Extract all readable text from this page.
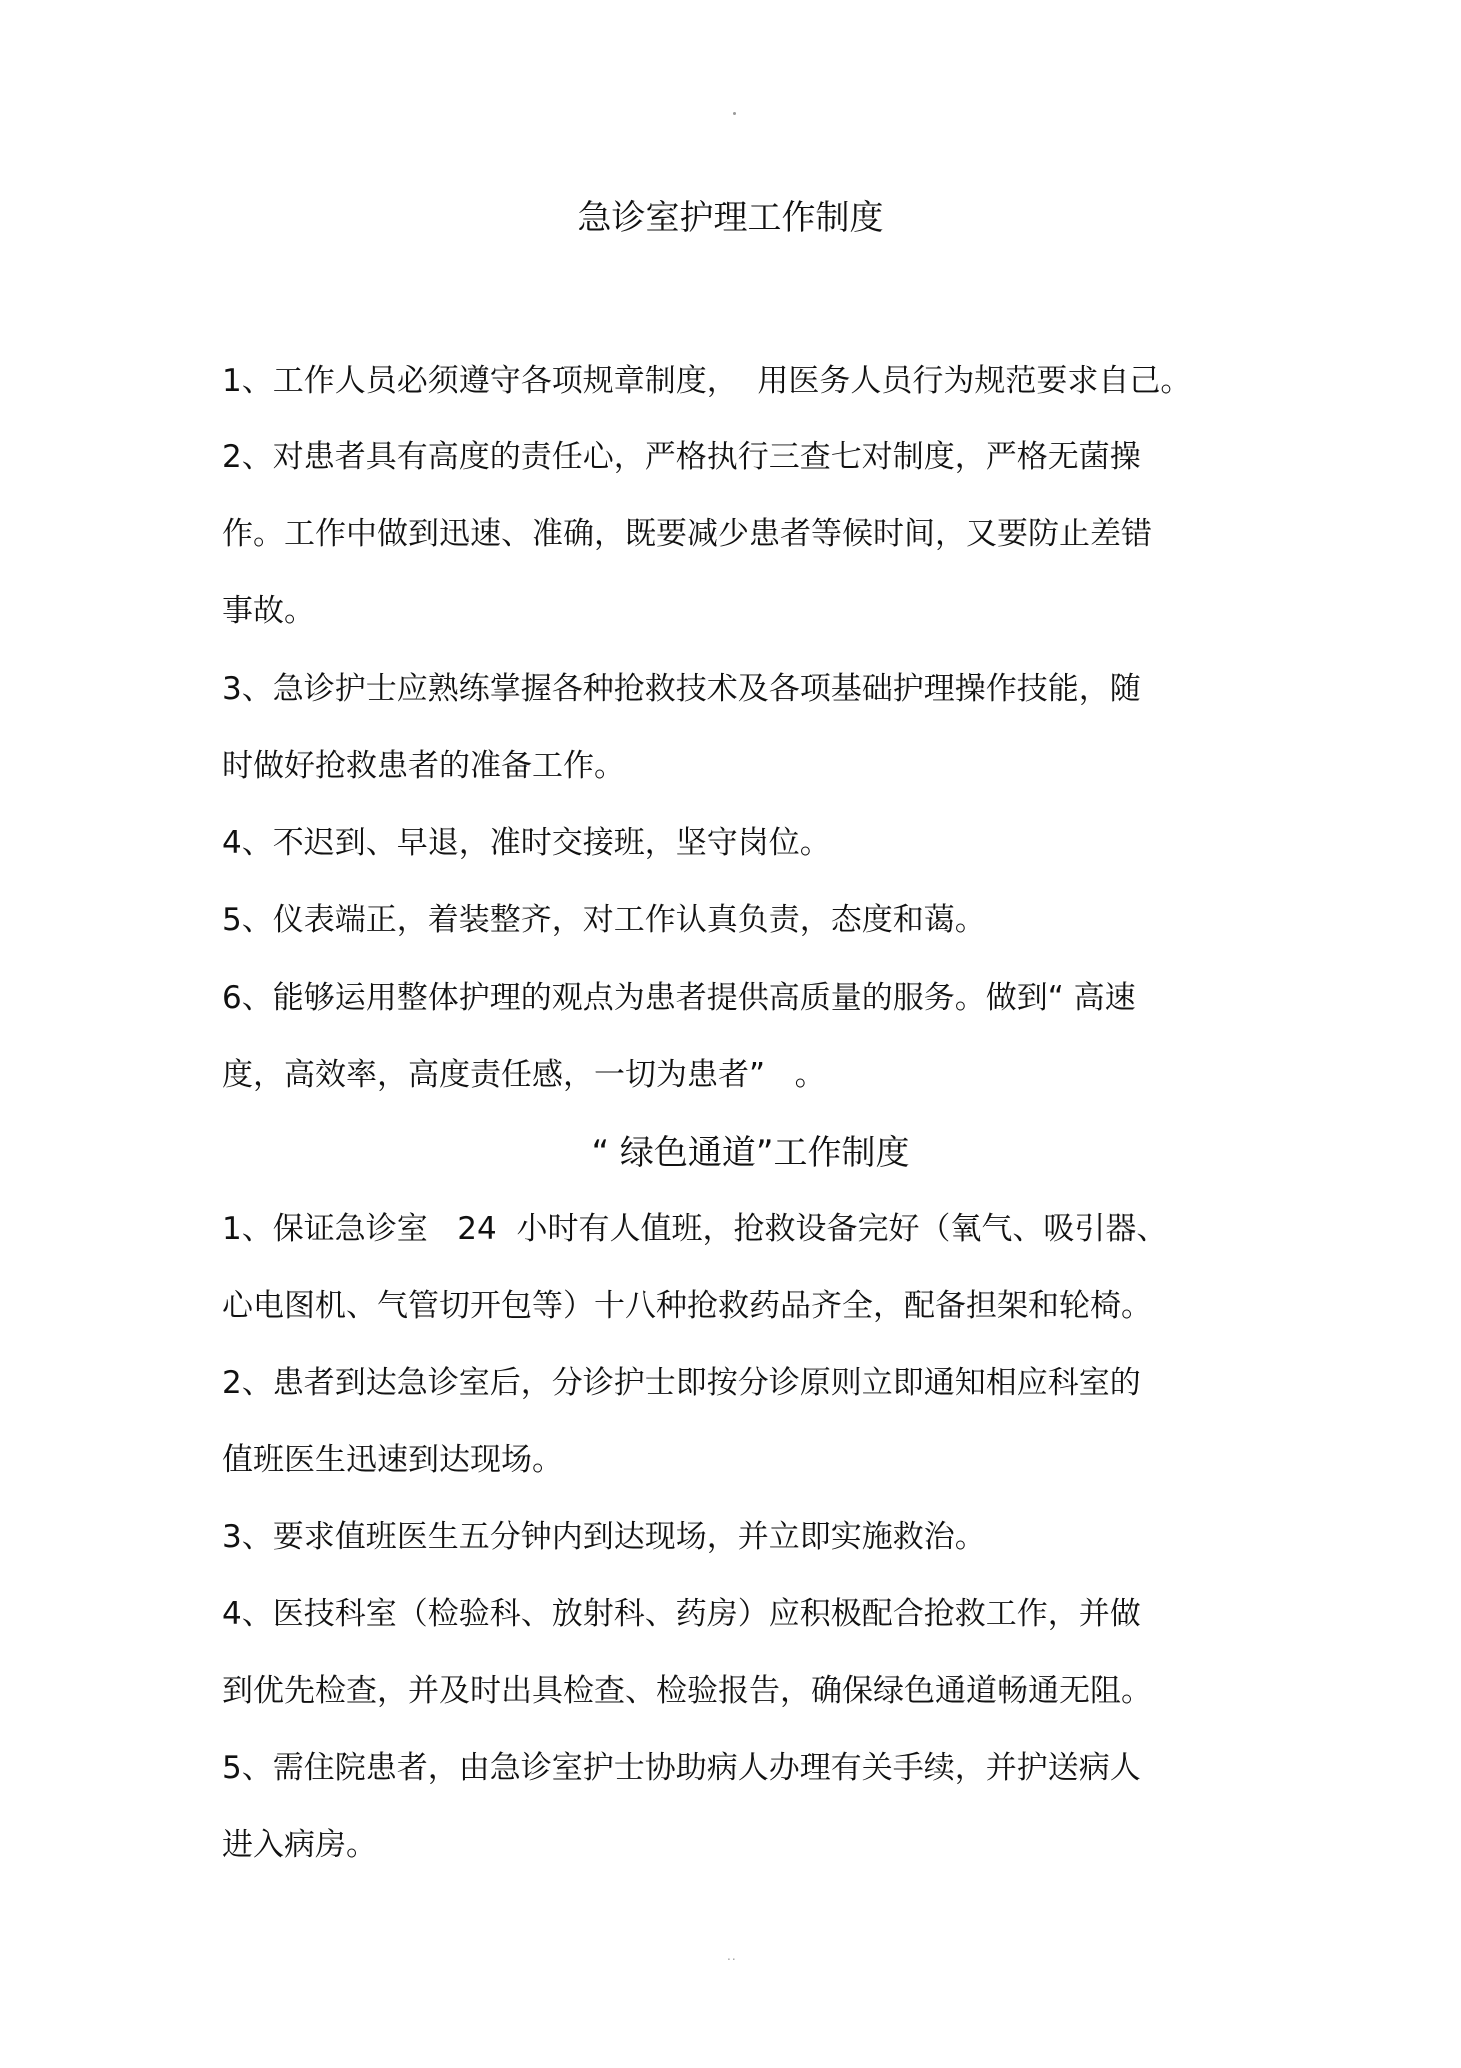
急诊室护理工作制度
1、工作人员必须遵守各项规章制度，  用医务人员行为规范要求自己。
2、对患者具有高度的责任心，严格执行三查七对制度，严格无菌操
作。工作中做到迅速、准确，既要减少患者等候时间，又要防止差错
事故。
3、急诊护士应熟练掌握各种抢救技术及各项基础护理操作技能，随
时做好抢救患者的准备工作。
4、不迟到、早退，准时交接班，坚守岗位。
5、仪表端正，着装整齐，对工作认真负责，态度和蔼。
6、能够运用整体护理的观点为患者提供高质量的服务。做到“ 高速
度，高效率，高度责任感，一切为患者”   。
“ 绿色通道”工作制度
1、保证急诊室   24  小时有人值班，抢救设备完好（氧气、吸引器、
心电图机、气管切开包等）十八种抢救药品齐全，配备担架和轮椅。
2、患者到达急诊室后，分诊护士即按分诊原则立即通知相应科室的
值班医生迅速到达现场。
3、要求值班医生五分钟内到达现场，并立即实施救治。
4、医技科室（检验科、放射科、药房）应积极配合抢救工作，并做
到优先检查，并及时出具检查、检验报告，确保绿色通道畅通无阻。
5、需住院患者，由急诊室护士协助病人办理有关手续，并护送病人
进入病房。
..
